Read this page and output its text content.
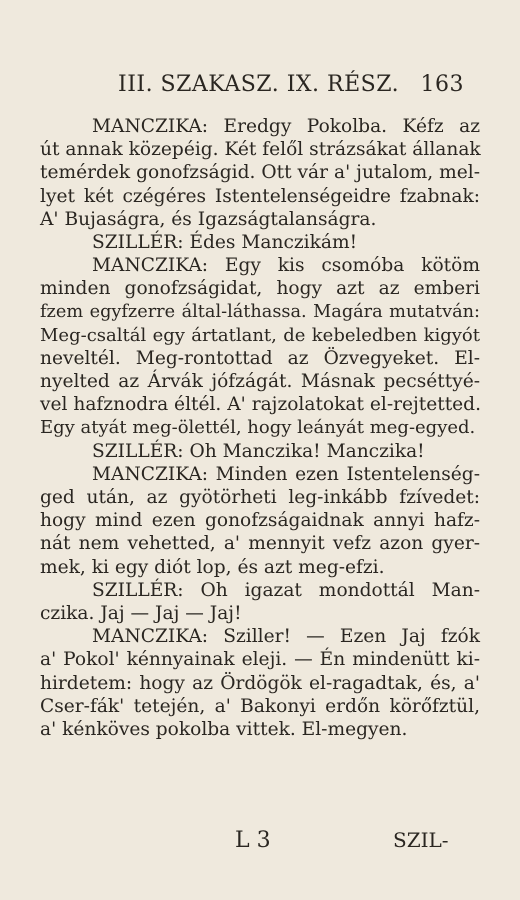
III. SZAKASZ. IX. RÉSZ. 163
MANCZIKA: Eredgy Pokolba. Kéfz az
út annak közepéig. Két felől strázsákat állanak
temérdek gonofzságid. Ott vár a' jutalom, mel-
lyet két czégéres Istentelenségeidre fzabnak:
A' Bujaságra, és Igazságtalanságra.
SZILLÉR: Édes Manczikám!
MANCZIKA: Egy kis csomóba kötöm
minden gonofzságidat, hogy azt az emberi
fzem egyfzerre által-láthassa. Magára mutatván:
Meg-csaltál egy ártatlant, de kebeledben kigyót
neveltél. Meg-rontottad az Özvegyeket. El-
nyelted az Árvák jófzágát. Másnak pecséttyé-
vel hafznodra éltél. A' rajzolatokat el-rejtetted.
Egy atyát meg-ölettél, hogy leányát meg-egyed.
SZILLÉR: Oh Manczika! Manczika!
MANCZIKA: Minden ezen Istentelenség-
ged után, az gyötörheti leg-inkább fzívedet:
hogy mind ezen gonofzságaidnak annyi hafz-
nát nem vehetted, a' mennyit vefz azon gyer-
mek, ki egy diót lop, és azt meg-efzi.
SZILLÉR: Oh igazat mondottál Man-
czika. Jaj — Jaj — Jaj!
MANCZIKA: Sziller! — Ezen Jaj fzók
a' Pokol' kénnyainak eleji. — Én mindenütt ki-
hirdetem: hogy az Ördögök el-ragadtak, és, a'
Cser-fák' tetején, a' Bakonyi erdőn körőfztül,
a' kénköves pokolba vittek. El-megyen.
L 3	SZIL-
